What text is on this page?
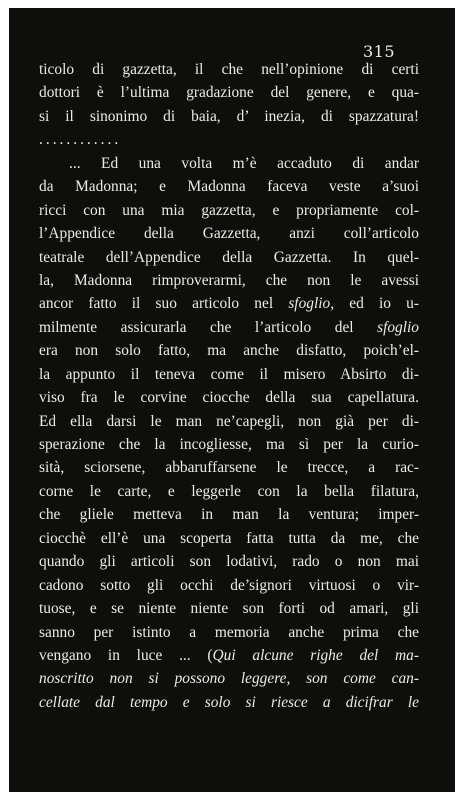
315
ticolo di gazzetta, il che nell’opinione di certi
dottori è l’ultima gradazione del genere, e qua-
si il sinonimo di baia, d’ inezia, di spazzatura!
............
... Ed una volta m’è accaduto di andar
da Madonna; e Madonna faceva veste a’suoi
ricci con una mia gazzetta, e propriamente col-
l’Appendice della Gazzetta, anzi coll’articolo
teatrale dell’Appendice della Gazzetta. In quel-
la, Madonna rimproverarmi, che non le avessi
ancor fatto il suo articolo nel sfoglio, ed io u-
milmente assicurarla che l’articolo del sfoglio
era non solo fatto, ma anche disfatto, poich’el-
la appunto il teneva come il misero Absirto di-
viso fra le corvine ciocche della sua capellatura.
Ed ella darsi le man ne’capegli, non già per di-
sperazione che la incogliesse, ma sì per la curio-
sità, sciorsene, abbaruffarsene le trecce, a rac-
corne le carte, e leggerle con la bella filatura,
che gliele metteva in man la ventura; imper-
ciocchè ell’è una scoperta fatta tutta da me, che
quando gli articoli son lodativi, rado o non mai
cadono sotto gli occhi de’signori virtuosi o vir-
tuose, e se niente niente son forti od amari, gli
sanno per istinto a memoria anche prima che
vengano in luce ... (Qui alcune righe del ma-
noscritto non si possono leggere, son come can-
cellate dal tempo e solo si riesce a dicifrar le
